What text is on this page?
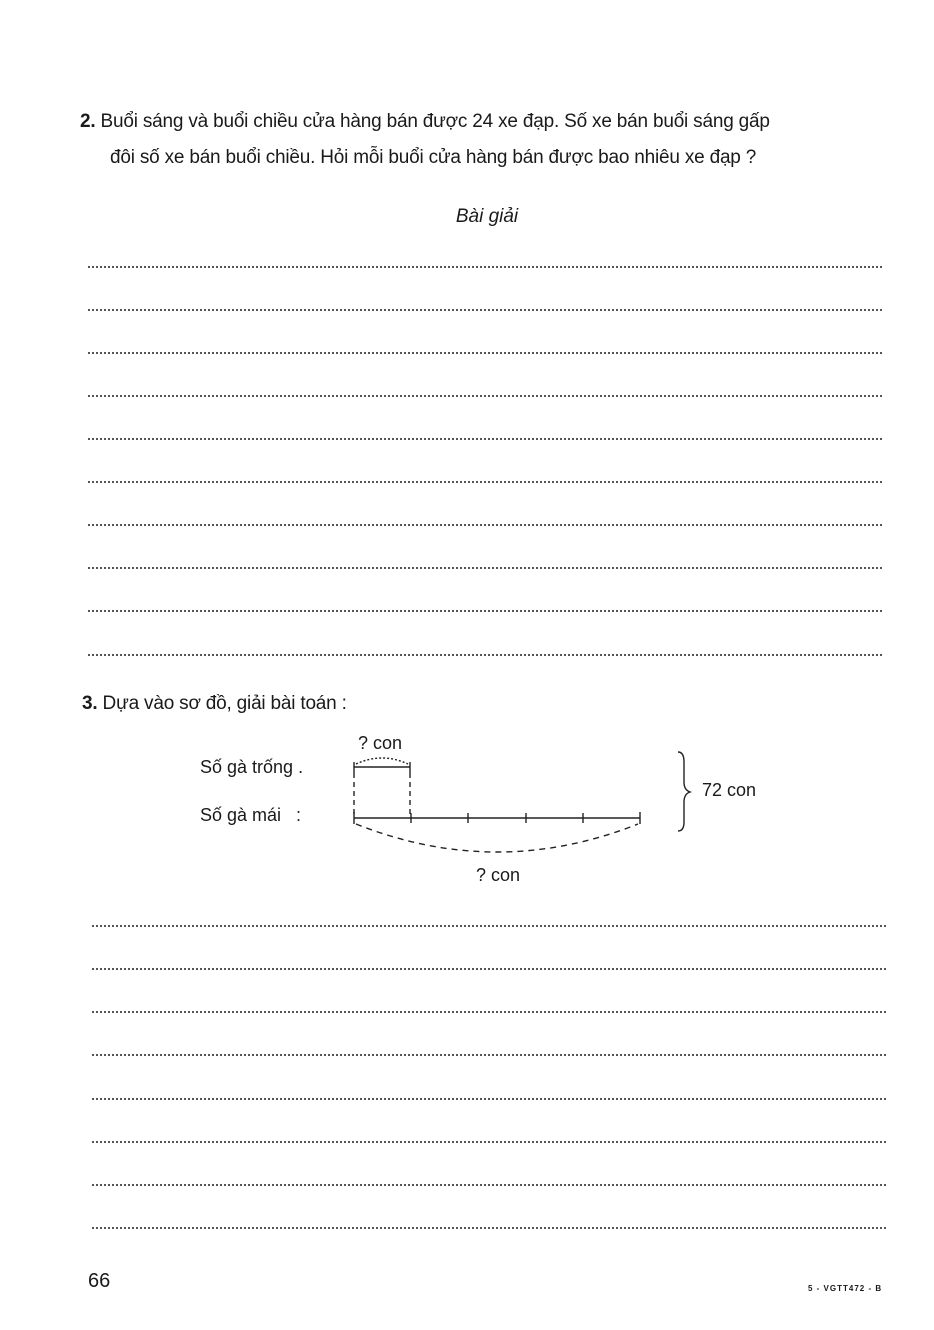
2. Buổi sáng và buổi chiều cửa hàng bán được 24 xe đạp. Số xe bán buổi sáng gấp
đôi số xe bán buổi chiều. Hỏi mỗi buổi cửa hàng bán được bao nhiêu xe đạp ?
Bài giải
3. Dựa vào sơ đồ, giải bài toán :
? con
Số gà trống .
Số gà mái   :
72 con
? con
66	5 - VGTT472 - B
